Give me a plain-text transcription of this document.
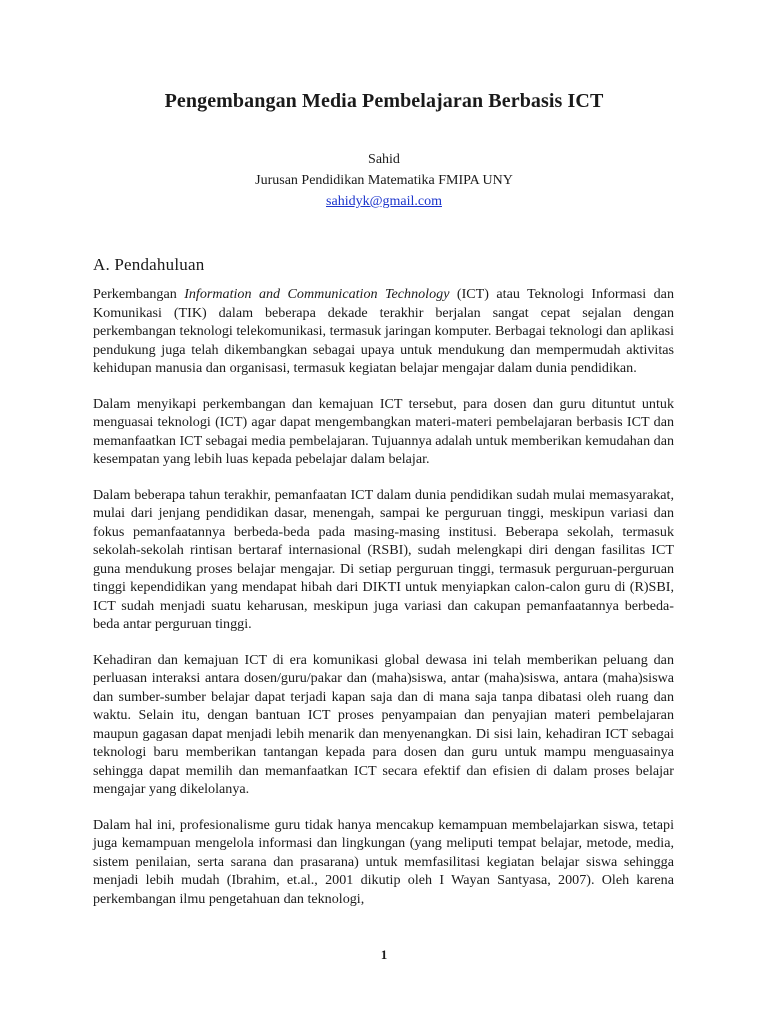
Pengembangan Media Pembelajaran Berbasis ICT
Sahid
Jurusan Pendidikan Matematika FMIPA UNY
sahidyk@gmail.com
A. Pendahuluan

Perkembangan Information and Communication Technology (ICT) atau Teknologi Informasi dan Komunikasi (TIK) dalam beberapa dekade terakhir berjalan sangat cepat sejalan dengan perkembangan teknologi telekomunikasi, termasuk jaringan komputer. Berbagai teknologi dan aplikasi pendukung juga telah dikembangkan sebagai upaya untuk mendukung dan mempermudah aktivitas kehidupan manusia dan organisasi, termasuk kegiatan belajar mengajar dalam dunia pendidikan.

Dalam menyikapi perkembangan dan kemajuan ICT tersebut, para dosen dan guru dituntut untuk menguasai teknologi (ICT) agar dapat mengembangkan materi-materi pembelajaran berbasis ICT dan memanfaatkan ICT sebagai media pembelajaran. Tujuannya adalah untuk memberikan kemudahan dan kesempatan yang lebih luas kepada pebelajar dalam belajar.

Dalam beberapa tahun terakhir, pemanfaatan ICT dalam dunia pendidikan sudah mulai memasyarakat, mulai dari jenjang pendidikan dasar, menengah, sampai ke perguruan tinggi, meskipun variasi dan fokus pemanfaatannya berbeda-beda pada masing-masing institusi. Beberapa sekolah, termasuk sekolah-sekolah rintisan bertaraf internasional (RSBI), sudah melengkapi diri dengan fasilitas ICT guna mendukung proses belajar mengajar. Di setiap perguruan tinggi, termasuk perguruan-perguruan tinggi kependidikan yang mendapat hibah dari DIKTI untuk menyiapkan calon-calon guru di (R)SBI, ICT sudah menjadi suatu keharusan, meskipun juga variasi dan cakupan pemanfaatannya berbeda-beda antar perguruan tinggi.

Kehadiran dan kemajuan ICT di era komunikasi global dewasa ini telah memberikan peluang dan perluasan interaksi antara dosen/guru/pakar dan (maha)siswa, antar (maha)siswa, antara (maha)siswa dan sumber-sumber belajar dapat terjadi kapan saja dan di mana saja tanpa dibatasi oleh ruang dan waktu. Selain itu, dengan bantuan ICT proses penyampaian dan penyajian materi pembelajaran maupun gagasan dapat menjadi lebih menarik dan menyenangkan. Di sisi lain, kehadiran ICT sebagai teknologi baru memberikan tantangan kepada para dosen dan guru untuk mampu menguasainya sehingga dapat memilih dan memanfaatkan ICT secara efektif dan efisien di dalam proses belajar mengajar yang dikelolanya.

Dalam hal ini, profesionalisme guru tidak hanya mencakup kemampuan membelajarkan siswa, tetapi juga kemampuan mengelola informasi dan lingkungan (yang meliputi tempat belajar, metode, media, sistem penilaian, serta sarana dan prasarana) untuk memfasilitasi kegiatan belajar siswa sehingga menjadi lebih mudah (Ibrahim, et.al., 2001 dikutip oleh I Wayan Santyasa, 2007). Oleh karena perkembangan ilmu pengetahuan dan teknologi,

1
